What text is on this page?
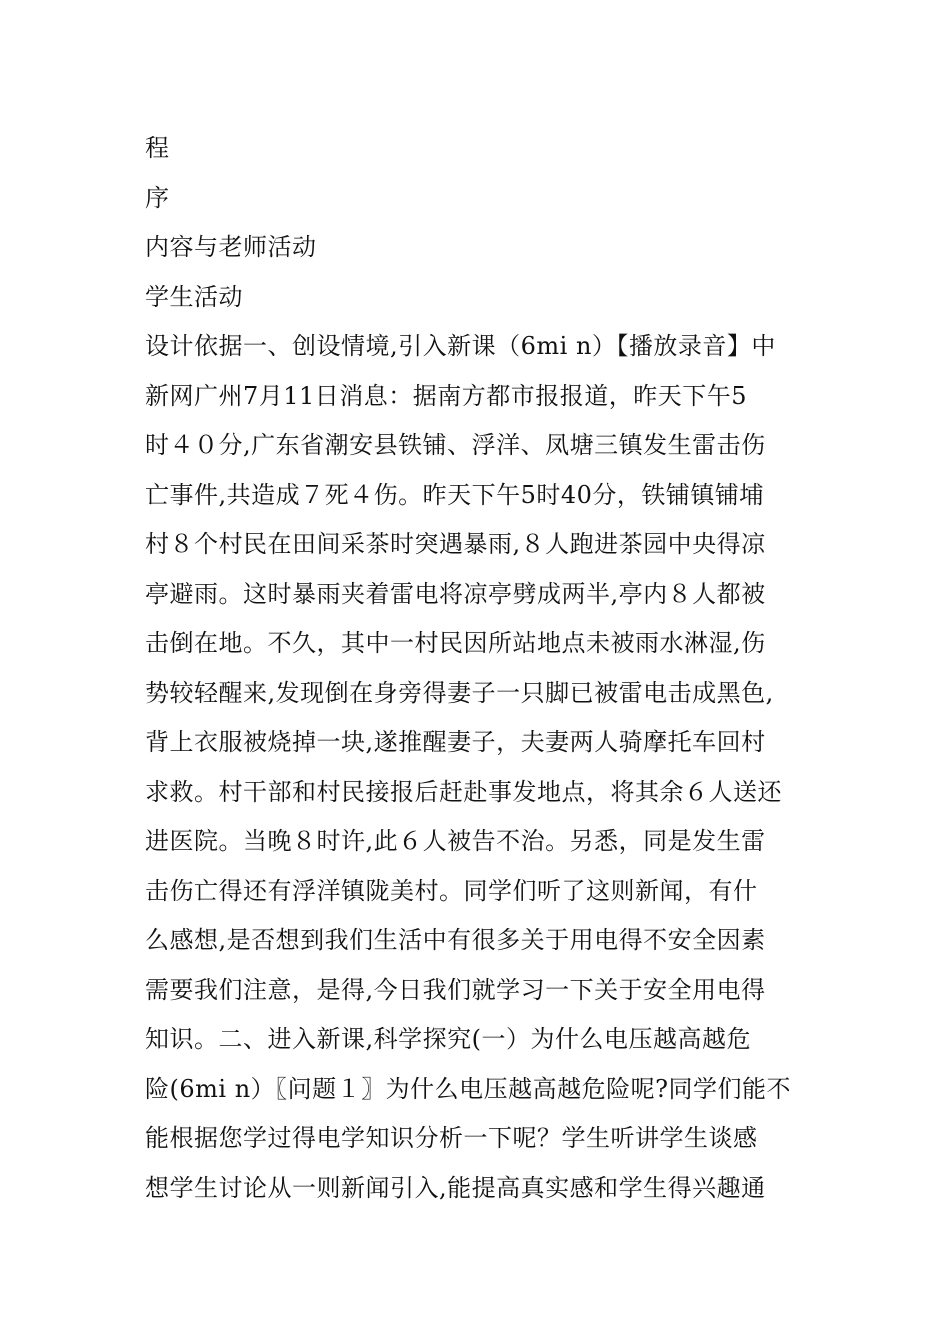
程
序
内容与老师活动
学生活动
设计依据一、创设情境,引入新课（6mi n）【播放录音】中
新网广州7月11日消息：据南方都市报报道，昨天下午5
时４０分,广东省潮安县铁铺、浮洋、凤塘三镇发生雷击伤
亡事件,共造成７死４伤。昨天下午5时40分，铁铺镇铺埔
村８个村民在田间采茶时突遇暴雨,８人跑进茶园中央得凉
亭避雨。这时暴雨夹着雷电将凉亭劈成两半,亭内８人都被
击倒在地。不久，其中一村民因所站地点未被雨水淋湿,伤
势较轻醒来,发现倒在身旁得妻子一只脚已被雷电击成黑色,
背上衣服被烧掉一块,遂推醒妻子，夫妻两人骑摩托车回村
求救。村干部和村民接报后赶赴事发地点，将其余６人送还
进医院。当晚８时许,此６人被告不治。另悉，同是发生雷
击伤亡得还有浮洋镇陇美村。同学们听了这则新闻，有什
么感想,是否想到我们生活中有很多关于用电得不安全因素
需要我们注意，是得,今日我们就学习一下关于安全用电得
知识。二、进入新课,科学探究(一）为什么电压越高越危
险(6mi n）〖问题１〗为什么电压越高越危险呢?同学们能不
能根据您学过得电学知识分析一下呢？学生听讲学生谈感
想学生讨论从一则新闻引入,能提高真实感和学生得兴趣通
